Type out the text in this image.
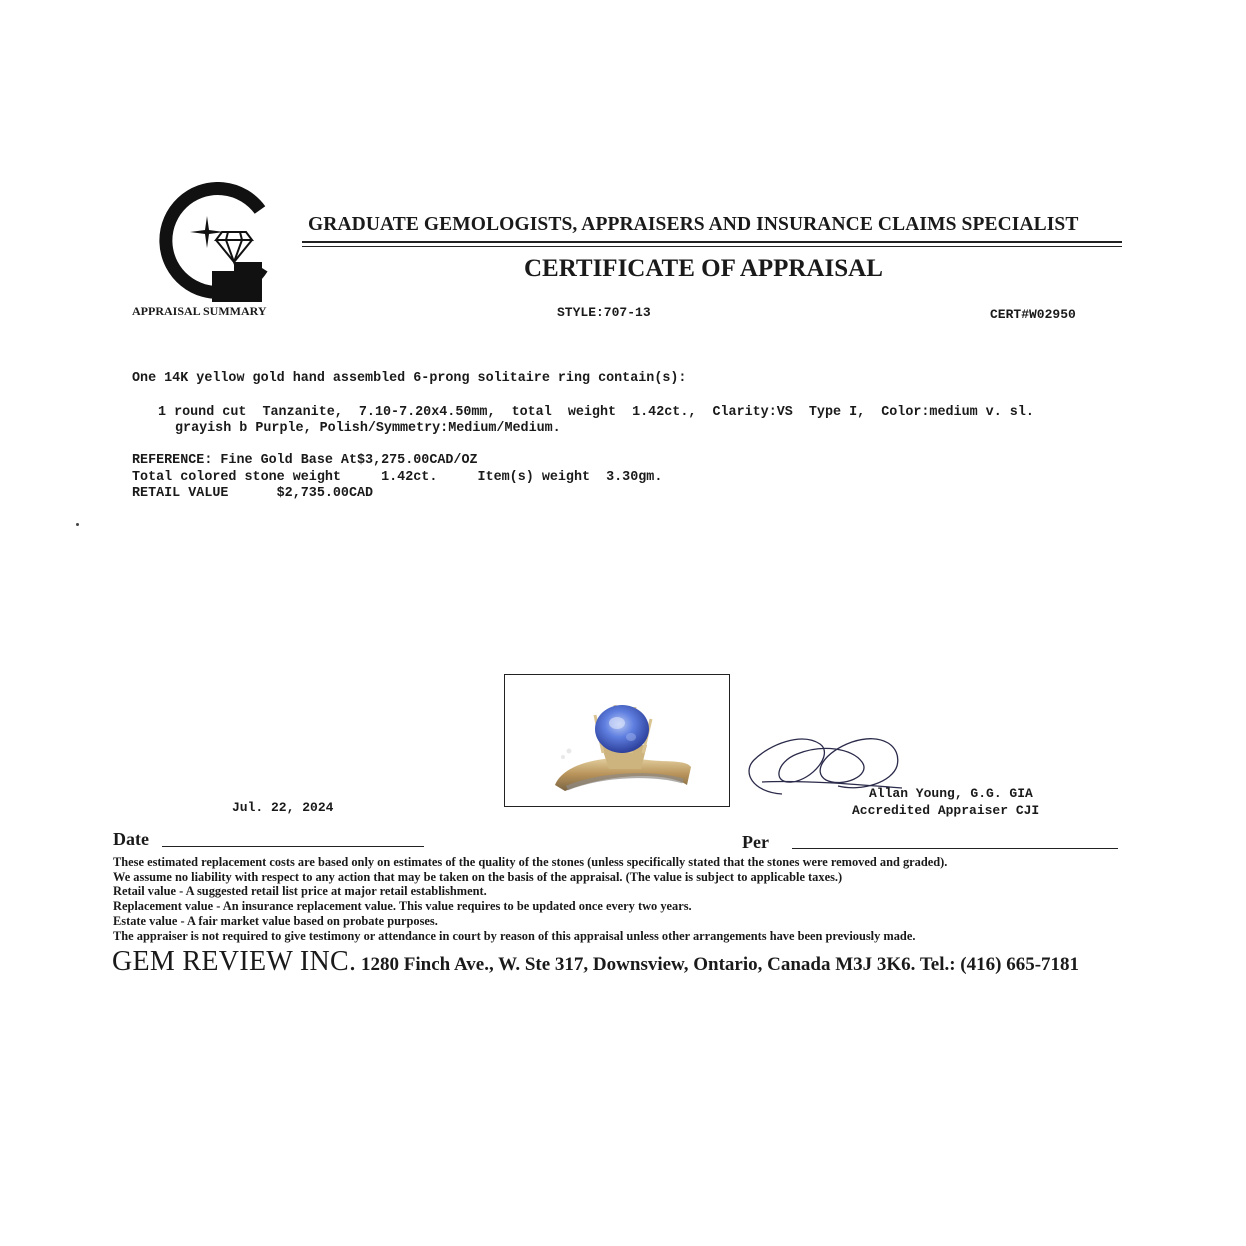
APPRAISAL SUMMARY
GRADUATE GEMOLOGISTS, APPRAISERS AND INSURANCE CLAIMS SPECIALIST
CERTIFICATE OF APPRAISAL
STYLE:707-13	CERT#W02950
One 14K yellow gold hand assembled 6-prong solitaire ring contain(s):
1 round cut  Tanzanite,  7.10-7.20x4.50mm,  total  weight  1.42ct.,  Clarity:VS  Type I,  Color:medium v. sl.
grayish b Purple, Polish/Symmetry:Medium/Medium.
REFERENCE: Fine Gold Base At$3,275.00CAD/OZ
Total colored stone weight     1.42ct.     Item(s) weight  3.30gm.
RETAIL VALUE      $2,735.00CAD
Jul. 22, 2024
Allan Young, G.G. GIA
Accredited Appraiser CJI
Date	Per
These estimated replacement costs are based only on estimates of the quality of the stones (unless specifically stated that the stones were removed and graded).
We assume no liability with respect to any action that may be taken on the basis of the appraisal. (The value is subject to applicable taxes.)
Retail value - A suggested retail list price at major retail establishment.
Replacement value - An insurance replacement value. This value requires to be updated once every two years.
Estate value - A fair market value based on probate purposes.
The appraiser is not required to give testimony or attendance in court by reason of this appraisal unless other arrangements have been previously made.
GEM REVIEW INC. 1280 Finch Ave., W. Ste 317, Downsview, Ontario, Canada M3J 3K6. Tel.: (416) 665-7181
